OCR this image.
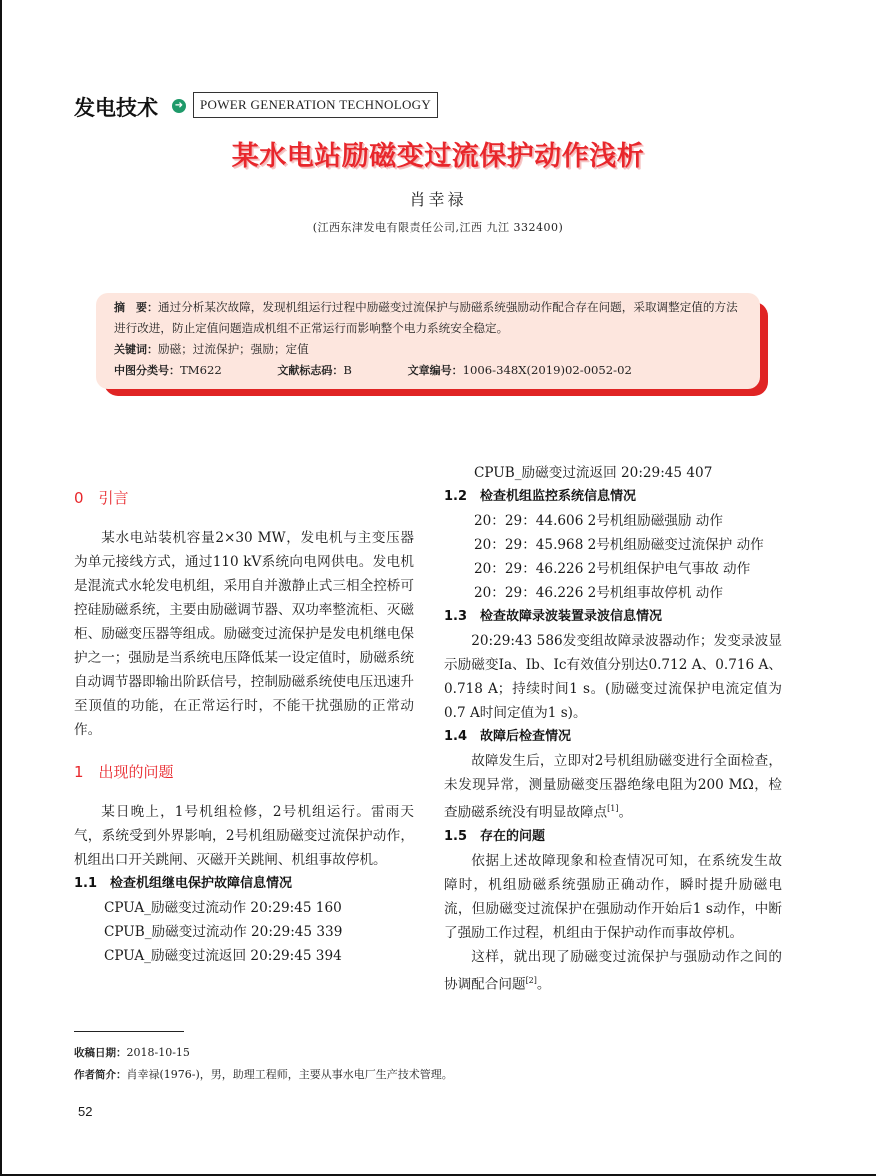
发电技术 ➜	POWER GENERATION TECHNOLOGY
某水电站励磁变过流保护动作浅析
肖幸禄
(江西东津发电有限责任公司,江西 九江 332400)
摘　要：通过分析某次故障，发现机组运行过程中励磁变过流保护与励磁系统强励动作配合存在问题，采取调整定值的方法进行改进，防止定值问题造成机组不正常运行而影响整个电力系统安全稳定。
关键词：励磁；过流保护；强励；定值
中图分类号：TM622	文献标志码：B	文章编号：1006-348X(2019)02-0052-02
0　引言

某水电站装机容量2×30 MW，发电机与主变压器为单元接线方式，通过110 kV系统向电网供电。发电机是混流式水轮发电机组，采用自并激静止式三相全控桥可控硅励磁系统，主要由励磁调节器、双功率整流柜、灭磁柜、励磁变压器等组成。励磁变过流保护是发电机继电保护之一；强励是当系统电压降低某一设定值时，励磁系统自动调节器即输出阶跃信号，控制励磁系统使电压迅速升至顶值的功能，在正常运行时，不能干扰强励的正常动作。

1　出现的问题

某日晚上，1号机组检修，2号机组运行。雷雨天气，系统受到外界影响，2号机组励磁变过流保护动作，机组出口开关跳闸、灭磁开关跳闸、机组事故停机。

1.1　检查机组继电保护故障信息情况
CPUA_励磁变过流动作 20:29:45 160
CPUB_励磁变过流动作 20:29:45 339
CPUA_励磁变过流返回 20:29:45 394
CPUB_励磁变过流返回 20:29:45 407
1.2　检查机组监控系统信息情况
20：29：44.606 2号机组励磁强励 动作
20：29：45.968 2号机组励磁变过流保护 动作
20：29：46.226 2号机组保护电气事故 动作
20：29：46.226 2号机组事故停机 动作
1.3　检查故障录波装置录波信息情况

20:29:43 586发变组故障录波器动作；发变录波显示励磁变Ia、Ib、Ic有效值分别达0.712 A、0.716 A、0.718 A；持续时间1 s。(励磁变过流保护电流定值为0.7 A时间定值为1 s)。

1.4　故障后检查情况

故障发生后，立即对2号机组励磁变进行全面检查，未发现异常，测量励磁变压器绝缘电阻为200 MΩ，检查励磁系统没有明显故障点[1]。

1.5　存在的问题

依据上述故障现象和检查情况可知，在系统发生故障时，机组励磁系统强励正确动作，瞬时提升励磁电流，但励磁变过流保护在强励动作开始后1 s动作，中断了强励工作过程，机组由于保护动作而事故停机。

这样，就出现了励磁变过流保护与强励动作之间的协调配合问题[2]。

收稿日期：2018-10-15
作者简介：肖幸禄(1976-)，男，助理工程师，主要从事水电厂生产技术管理。
52
